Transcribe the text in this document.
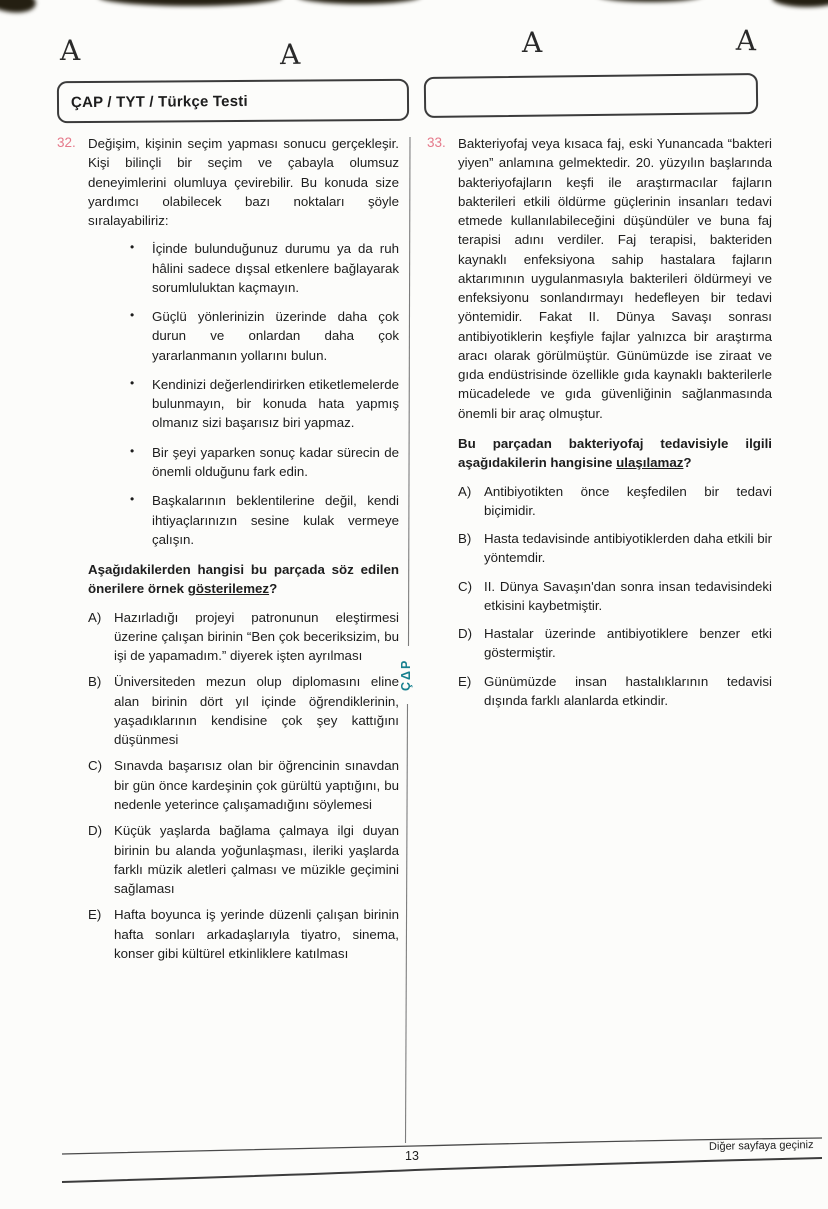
A	A	A	A
ÇAP / TYT / Türkçe Testi
ÇΔP
32. Değişim, kişinin seçim yapması sonucu gerçekleşir. Kişi bilinçli bir seçim ve çabayla olumsuz deneyimlerini olumluya çevirebilir. Bu konuda size yardımcı olabilecek bazı noktaları şöyle sıralayabiliriz:

•	İçinde bulunduğunuz durumu ya da ruh hâlini sadece dışsal etkenlere bağlayarak sorumluluktan kaçmayın.
•	Güçlü yönlerinizin üzerinde daha çok durun ve onlardan daha çok yararlanmanın yollarını bulun.
•	Kendinizi değerlendirirken etiketlemelerde bulunmayın, bir konuda hata yapmış olmanız sizi başarısız biri yapmaz.
•	Bir şeyi yaparken sonuç kadar sürecin de önemli olduğunu fark edin.
•	Başkalarının beklentilerine değil, kendi ihtiyaçlarınızın sesine kulak vermeye çalışın.

Aşağıdakilerden hangisi bu parçada söz edilen önerilere örnek gösterilemez?

A) Hazırladığı projeyi patronunun eleştirmesi üzerine çalışan birinin “Ben çok beceriksizim, bu işi de yapamadım.” diyerek işten ayrılması
B) Üniversiteden mezun olup diplomasını eline alan birinin dört yıl içinde öğrendiklerinin, yaşadıklarının kendisine çok şey kattığını düşünmesi
C) Sınavda başarısız olan bir öğrencinin sınavdan bir gün önce kardeşinin çok gürültü yaptığını, bu nedenle yeterince çalışamadığını söylemesi
D) Küçük yaşlarda bağlama çalmaya ilgi duyan birinin bu alanda yoğunlaşması, ileriki yaşlarda farklı müzik aletleri çalması ve müzikle geçimini sağlaması
E) Hafta boyunca iş yerinde düzenli çalışan birinin hafta sonları arkadaşlarıyla tiyatro, sinema, konser gibi kültürel etkinliklere katılması
33. Bakteriyofaj veya kısaca faj, eski Yunancada “bakteri yiyen” anlamına gelmektedir. 20. yüzyılın başlarında bakteriyofajların keşfi ile araştırmacılar fajların bakterileri etkili öldürme güçlerinin insanları tedavi etmede kullanılabileceğini düşündüler ve buna faj terapisi adını verdiler. Faj terapisi, bakteriden kaynaklı enfeksiyona sahip hastalara fajların aktarımının uygulanmasıyla bakterileri öldürmeyi ve enfeksiyonu sonlandırmayı hedefleyen bir tedavi yöntemidir. Fakat II. Dünya Savaşı sonrası antibiyotiklerin keşfiyle fajlar yalnızca bir araştırma aracı olarak görülmüştür. Günümüzde ise ziraat ve gıda endüstrisinde özellikle gıda kaynaklı bakterilerle mücadelede ve gıda güvenliğinin sağlanmasında önemli bir araç olmuştur.

Bu parçadan bakteriyofaj tedavisiyle ilgili aşağıdakilerin hangisine ulaşılamaz?

A) Antibiyotikten önce keşfedilen bir tedavi biçimidir.
B) Hasta tedavisinde antibiyotiklerden daha etkili bir yöntemdir.
C) II. Dünya Savaşın'dan sonra insan tedavisindeki etkisini kaybetmiştir.
D) Hastalar üzerinde antibiyotiklere benzer etki göstermiştir.
E) Günümüzde insan hastalıklarının tedavisi dışında farklı alanlarda etkindir.
13
Diğer sayfaya geçiniz
